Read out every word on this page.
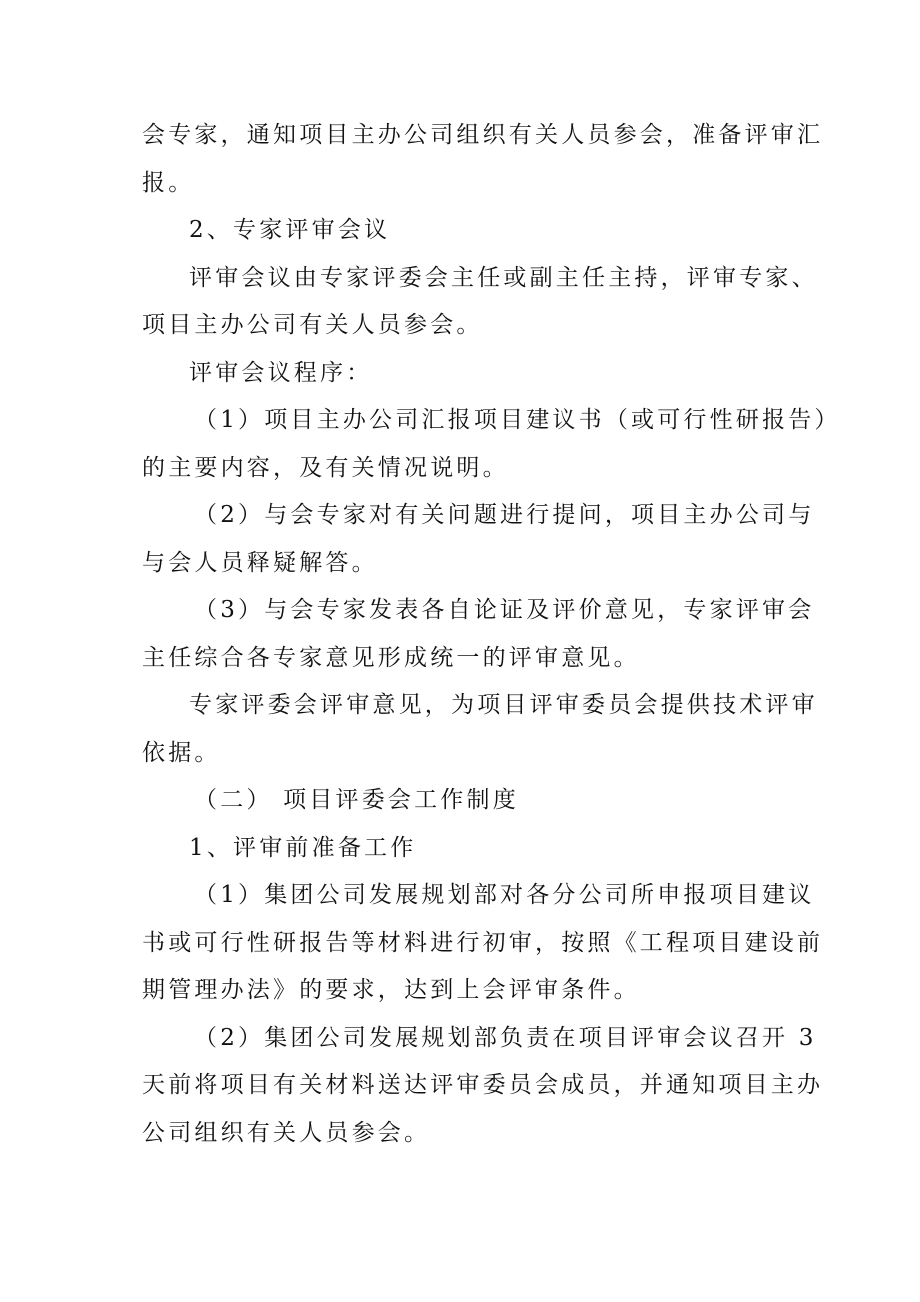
会专家，通知项目主办公司组织有关人员参会，准备评审汇
报。
2、专家评审会议
评审会议由专家评委会主任或副主任主持，评审专家、
项目主办公司有关人员参会。
评审会议程序：
（1）项目主办公司汇报项目建议书（或可行性研报告）
的主要内容，及有关情况说明。
（2）与会专家对有关问题进行提问，项目主办公司与
与会人员释疑解答。
（3）与会专家发表各自论证及评价意见，专家评审会
主任综合各专家意见形成统一的评审意见。
专家评委会评审意见，为项目评审委员会提供技术评审
依据。
（二） 项目评委会工作制度
1、评审前准备工作
（1）集团公司发展规划部对各分公司所申报项目建议
书或可行性研报告等材料进行初审，按照《工程项目建设前
期管理办法》的要求，达到上会评审条件。
（2）集团公司发展规划部负责在项目评审会议召开 3
天前将项目有关材料送达评审委员会成员，并通知项目主办
公司组织有关人员参会。
